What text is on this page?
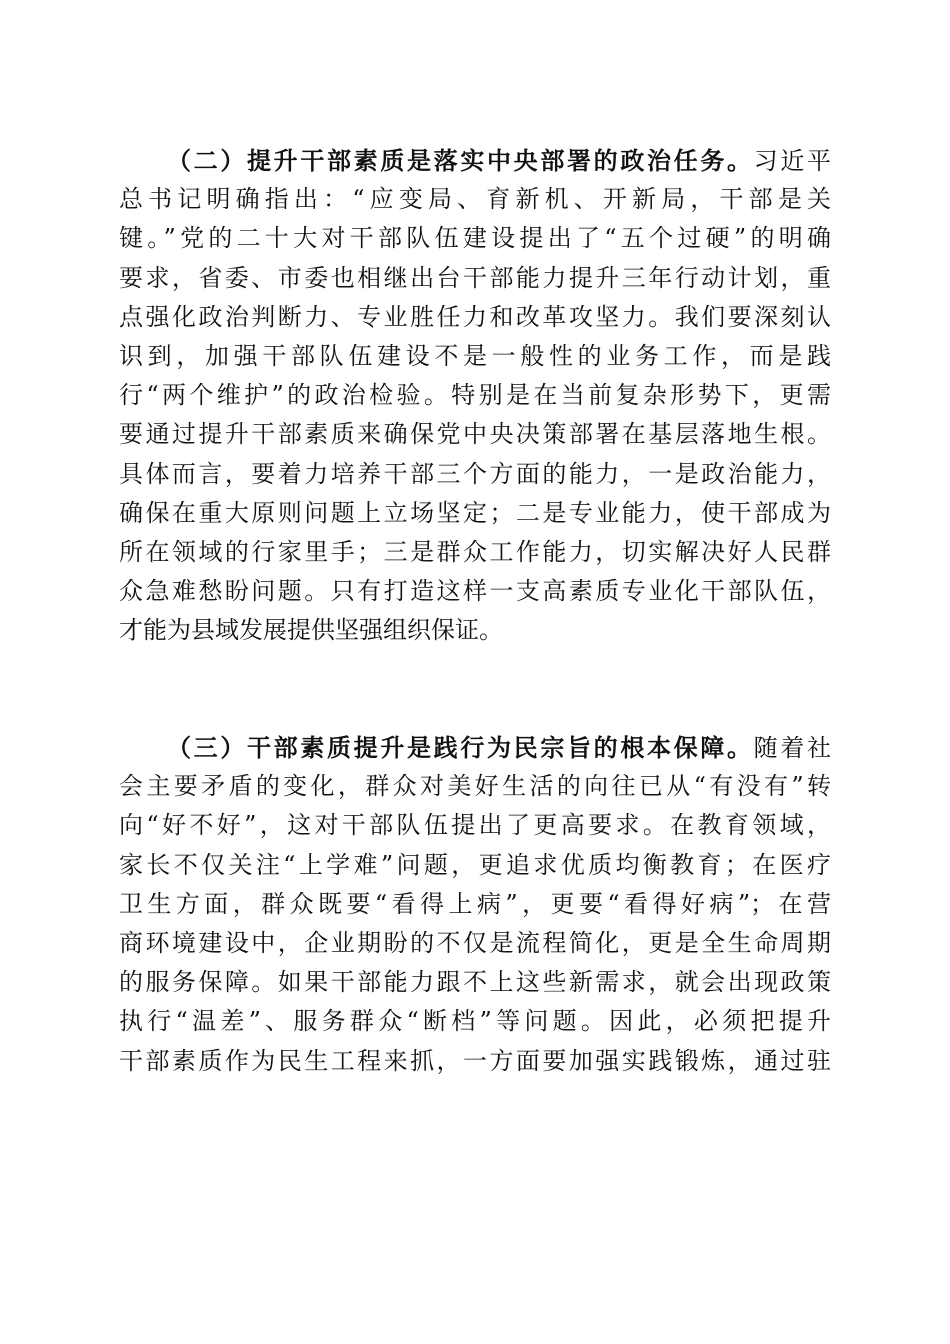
（二）提升干部素质是落实中央部署的政治任务。习近平
总书记明确指出：“应变局、育新机、开新局，干部是关
键。”党的二十大对干部队伍建设提出了“五个过硬”的明确
要求，省委、市委也相继出台干部能力提升三年行动计划，重
点强化政治判断力、专业胜任力和改革攻坚力。我们要深刻认
识到，加强干部队伍建设不是一般性的业务工作，而是践
行“两个维护”的政治检验。特别是在当前复杂形势下，更需
要通过提升干部素质来确保党中央决策部署在基层落地生根。
具体而言，要着力培养干部三个方面的能力，一是政治能力，
确保在重大原则问题上立场坚定；二是专业能力，使干部成为
所在领域的行家里手；三是群众工作能力，切实解决好人民群
众急难愁盼问题。只有打造这样一支高素质专业化干部队伍，
才能为县域发展提供坚强组织保证。
（三）干部素质提升是践行为民宗旨的根本保障。随着社
会主要矛盾的变化，群众对美好生活的向往已从“有没有”转
向“好不好”，这对干部队伍提出了更高要求。在教育领域，
家长不仅关注“上学难”问题，更追求优质均衡教育；在医疗
卫生方面，群众既要“看得上病”，更要“看得好病”；在营
商环境建设中，企业期盼的不仅是流程简化，更是全生命周期
的服务保障。如果干部能力跟不上这些新需求，就会出现政策
执行“温差”、服务群众“断档”等问题。因此，必须把提升
干部素质作为民生工程来抓，一方面要加强实践锻炼，通过驻
